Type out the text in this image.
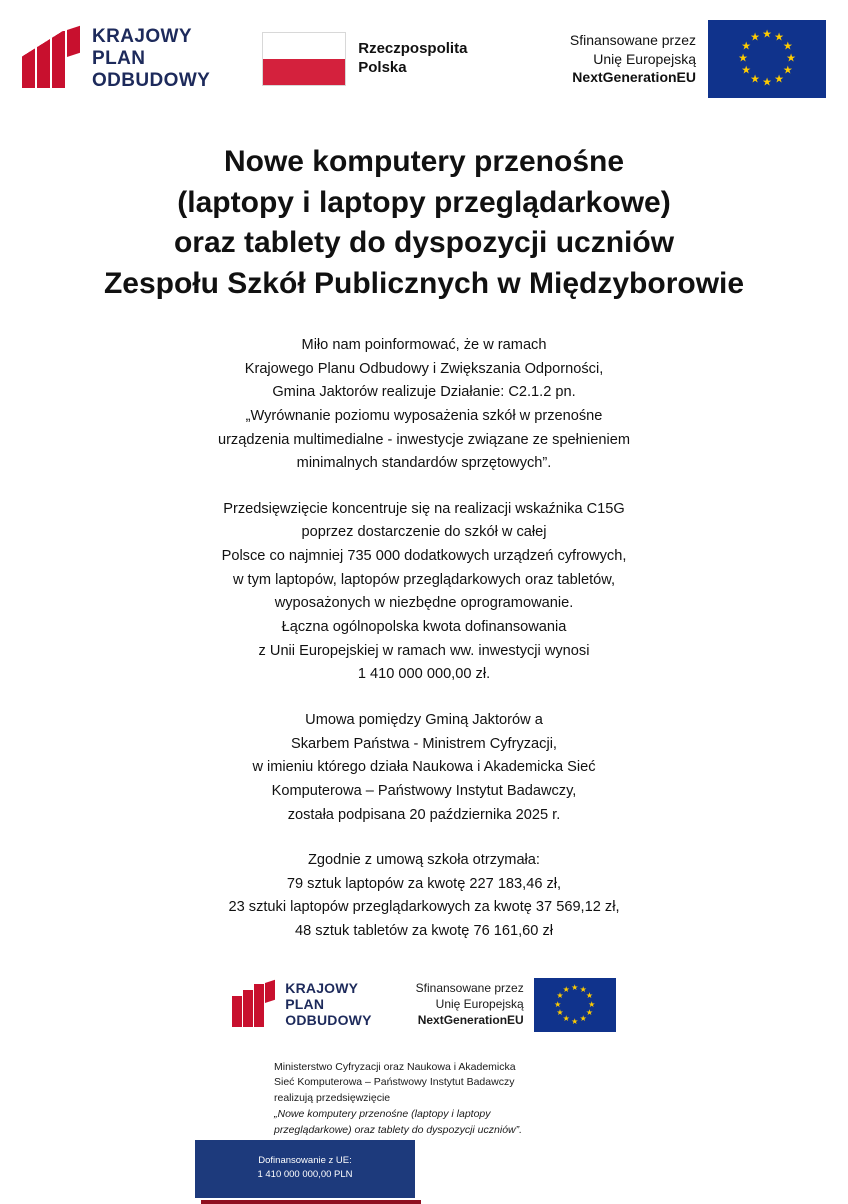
KRAJOWY
PLAN
ODBUDOWY
Rzeczpospolita
Polska
Sfinansowane przez
Unię Europejską
NextGenerationEU
★ ★
★
★
★
★
★
★
★
★
★
★
Nowe komputery przenośne
(laptopy i laptopy przeglądarkowe)
oraz tablety do dyspozycji uczniów
Zespołu Szkół Publicznych w Międzyborowie
Miło nam poinformować, że w ramach
Krajowego Planu Odbudowy i Zwiększania Odporności,
Gmina Jaktorów realizuje Działanie: C2.1.2 pn.
„Wyrównanie poziomu wyposażenia szkół w przenośne
urządzenia multimedialne - inwestycje związane ze spełnieniem
minimalnych standardów sprzętowych”.
Przedsięwzięcie koncentruje się na realizacji wskaźnika C15G
poprzez dostarczenie do szkół w całej
Polsce co najmniej 735 000 dodatkowych urządzeń cyfrowych,
w tym laptopów, laptopów przeglądarkowych oraz tabletów,
wyposażonych w niezbędne oprogramowanie.
Łączna ogólnopolska kwota dofinansowania
z Unii Europejskiej w ramach ww. inwestycji wynosi
1 410 000 000,00 zł.
Umowa pomiędzy Gminą Jaktorów a
Skarbem Państwa - Ministrem Cyfryzacji,
w imieniu którego działa Naukowa i Akademicka Sieć
Komputerowa – Państwowy Instytut Badawczy,
została podpisana 20 października 2025 r.
Zgodnie z umową szkoła otrzymała:
79 sztuk laptopów za kwotę 227 183,46 zł,
23 sztuki laptopów przeglądarkowych za kwotę 37 569,12 zł,
48 sztuk tabletów za kwotę 76 161,60 zł
KRAJOWY
PLAN
ODBUDOWY
Sfinansowane przez
Unię Europejską
NextGenerationEU
★ ★
★
★
★
★
★
★
★
★
★
★
Ministerstwo Cyfryzacji oraz Naukowa i Akademicka
Sieć Komputerowa – Państwowy Instytut Badawczy
realizują przedsięwzięcie
„Nowe komputery przenośne (laptopy i laptopy
przeglądarkowe) oraz tablety do dyspozycji uczniów”.
Dofinansowanie z UE:
1 410 000 000,00 PLN
